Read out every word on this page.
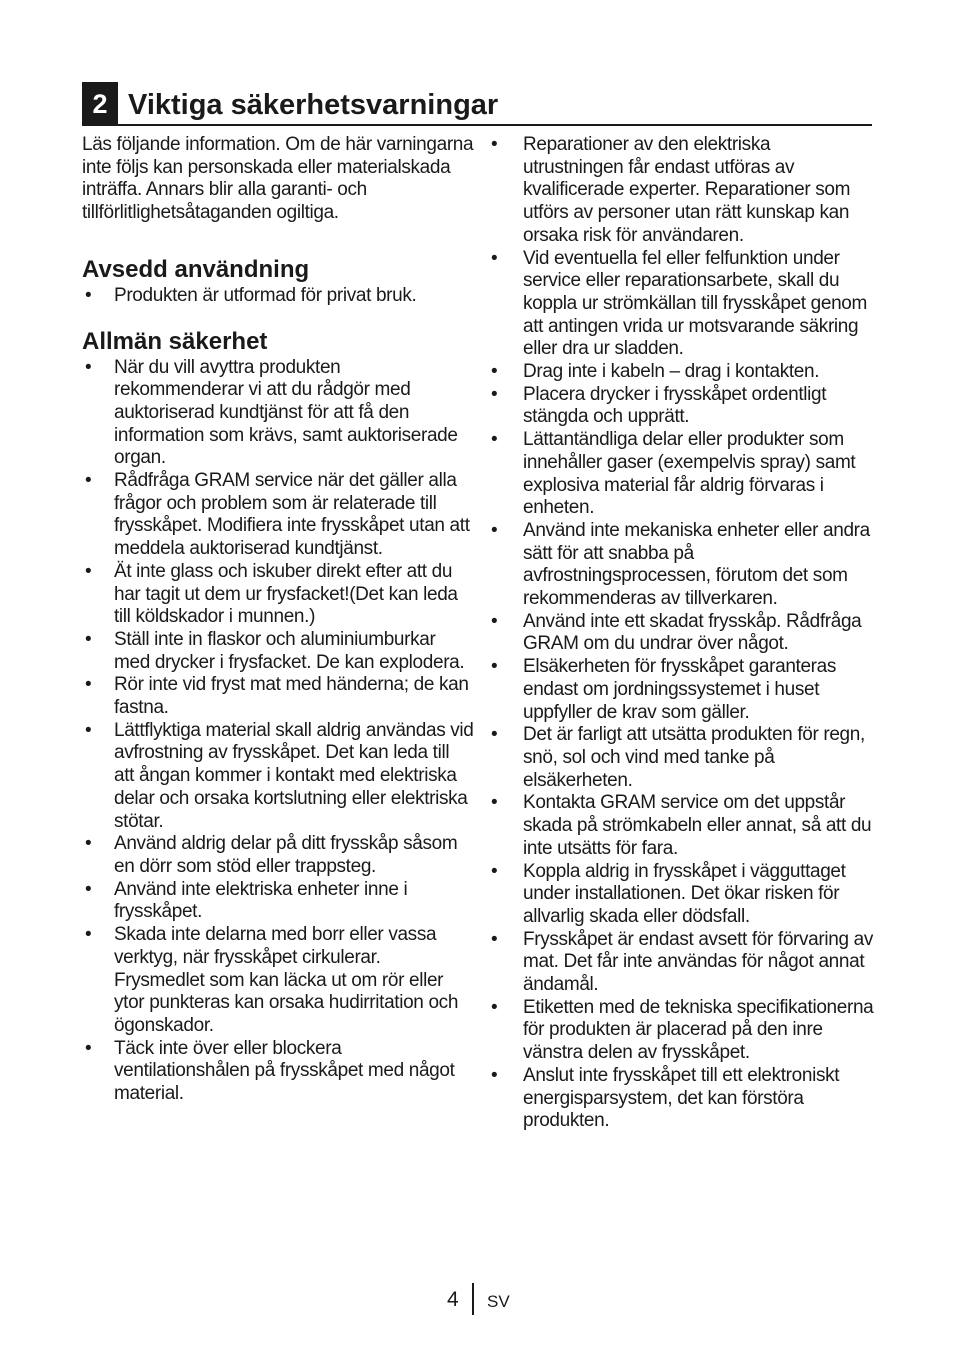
2 Viktiga säkerhetsvarningar

Läs följande information. Om de här varningarna inte följs kan personskada eller materialskada inträffa. Annars blir alla garanti- och tillförlitlighetsåtaganden ogiltiga.

Avsedd användning
• Produkten är utformad för privat bruk.
Allmän säkerhet
• När du vill avyttra produkten rekommenderar vi att du rådgör med auktoriserad kundtjänst för att få den information som krävs, samt auktoriserade organ.
• Rådfråga GRAM service när det gäller alla frågor och problem som är relaterade till frysskåpet. Modifiera inte frysskåpet utan att meddela auktoriserad kundtjänst.
• Ät inte glass och iskuber direkt efter att du har tagit ut dem ur frysfacket!(Det kan leda till köldskador i munnen.)
• Ställ inte in flaskor och aluminiumburkar med drycker i frysfacket. De kan explodera.
• Rör inte vid fryst mat med händerna; de kan fastna.
• Lättflyktiga material skall aldrig användas vid avfrostning av frysskåpet. Det kan leda till att ångan kommer i kontakt med elektriska delar och orsaka kortslutning eller elektriska stötar.
• Använd aldrig delar på ditt frysskåp såsom en dörr som stöd eller trappsteg.
• Använd inte elektriska enheter inne i frysskåpet.
• Skada inte delarna med borr eller vassa verktyg, när frysskåpet cirkulerar. Frysmedlet som kan läcka ut om rör eller ytor punkteras kan orsaka hudirritation och ögonskador.
• Täck inte över eller blockera ventilationshålen på frysskåpet med något material.
• Reparationer av den elektriska utrustningen får endast utföras av kvalificerade experter. Reparationer som utförs av personer utan rätt kunskap kan orsaka risk för användaren.
• Vid eventuella fel eller felfunktion under service eller reparationsarbete, skall du koppla ur strömkällan till frysskåpet genom att antingen vrida ur motsvarande säkring eller dra ur sladden.
• Drag inte i kabeln – drag i kontakten.
• Placera drycker i frysskåpet ordentligt stängda och upprätt.
• Lättantändliga delar eller produkter som innehåller gaser (exempelvis spray) samt explosiva material får aldrig förvaras i enheten.
• Använd inte mekaniska enheter eller andra sätt för att snabba på avfrostningsprocessen, förutom det som rekommenderas av tillverkaren.
• Använd inte ett skadat frysskåp. Rådfråga GRAM om du undrar över något.
• Elsäkerheten för frysskåpet garanteras endast om jordningssystemet i huset uppfyller de krav som gäller.
• Det är farligt att utsätta produkten för regn, snö, sol och vind med tanke på elsäkerheten.
• Kontakta GRAM service om det uppstår skada på strömkabeln eller annat, så att du inte utsätts för fara.
• Koppla aldrig in frysskåpet i vägguttaget under installationen. Det ökar risken för allvarlig skada eller dödsfall.
• Frysskåpet är endast avsett för förvaring av mat. Det får inte användas för något annat ändamål.
• Etiketten med de tekniska specifikationerna för produkten är placerad på den inre vänstra delen av frysskåpet.
• Anslut inte frysskåpet till ett elektroniskt energisparsystem, det kan förstöra produkten.
4 SV
